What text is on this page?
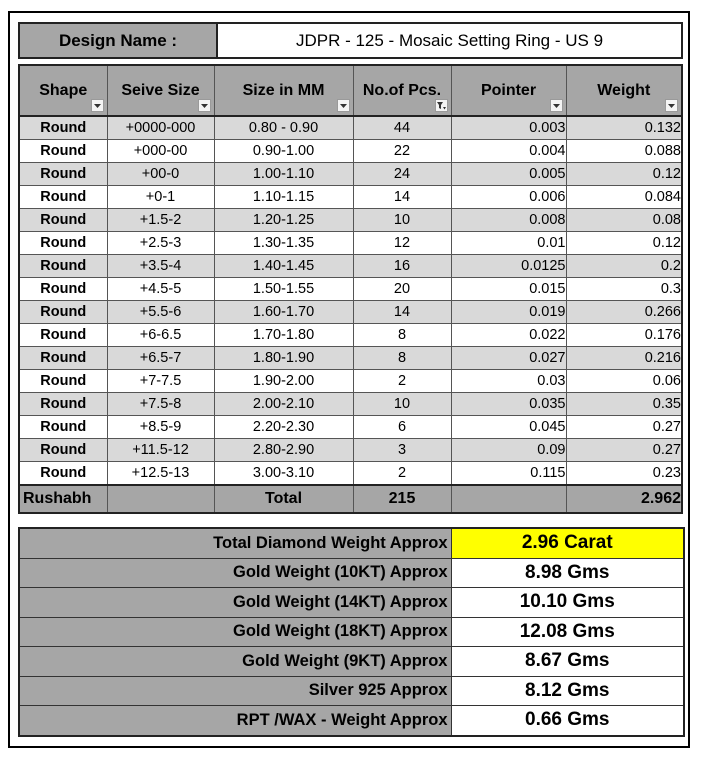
Design Name :	JDPR - 125 - Mosaic Setting Ring - US 9
Shape	Seive Size	Size in MM	No.of Pcs.	Pointer	Weight

Round	+0000-000	0.80 - 0.90	44	0.003	0.132
Round	+000-00	0.90-1.00	22	0.004	0.088
Round	+00-0	1.00-1.10	24	0.005	0.12
Round	+0-1	1.10-1.15	14	0.006	0.084
Round	+1.5-2	1.20-1.25	10	0.008	0.08
Round	+2.5-3	1.30-1.35	12	0.01	0.12
Round	+3.5-4	1.40-1.45	16	0.0125	0.2
Round	+4.5-5	1.50-1.55	20	0.015	0.3
Round	+5.5-6	1.60-1.70	14	0.019	0.266
Round	+6-6.5	1.70-1.80	8	0.022	0.176
Round	+6.5-7	1.80-1.90	8	0.027	0.216
Round	+7-7.5	1.90-2.00	2	0.03	0.06
Round	+7.5-8	2.00-2.10	10	0.035	0.35
Round	+8.5-9	2.20-2.30	6	0.045	0.27
Round	+11.5-12	2.80-2.90	3	0.09	0.27
Round	+12.5-13	3.00-3.10	2	0.115	0.23
Rushabh		Total	215		2.962
Total Diamond Weight Approx	2.96 Carat
Gold Weight (10KT) Approx	8.98 Gms
Gold Weight (14KT) Approx	10.10 Gms
Gold Weight (18KT) Approx	12.08 Gms
Gold Weight (9KT) Approx	8.67 Gms
Silver 925 Approx	8.12 Gms
RPT /WAX - Weight Approx	0.66 Gms
